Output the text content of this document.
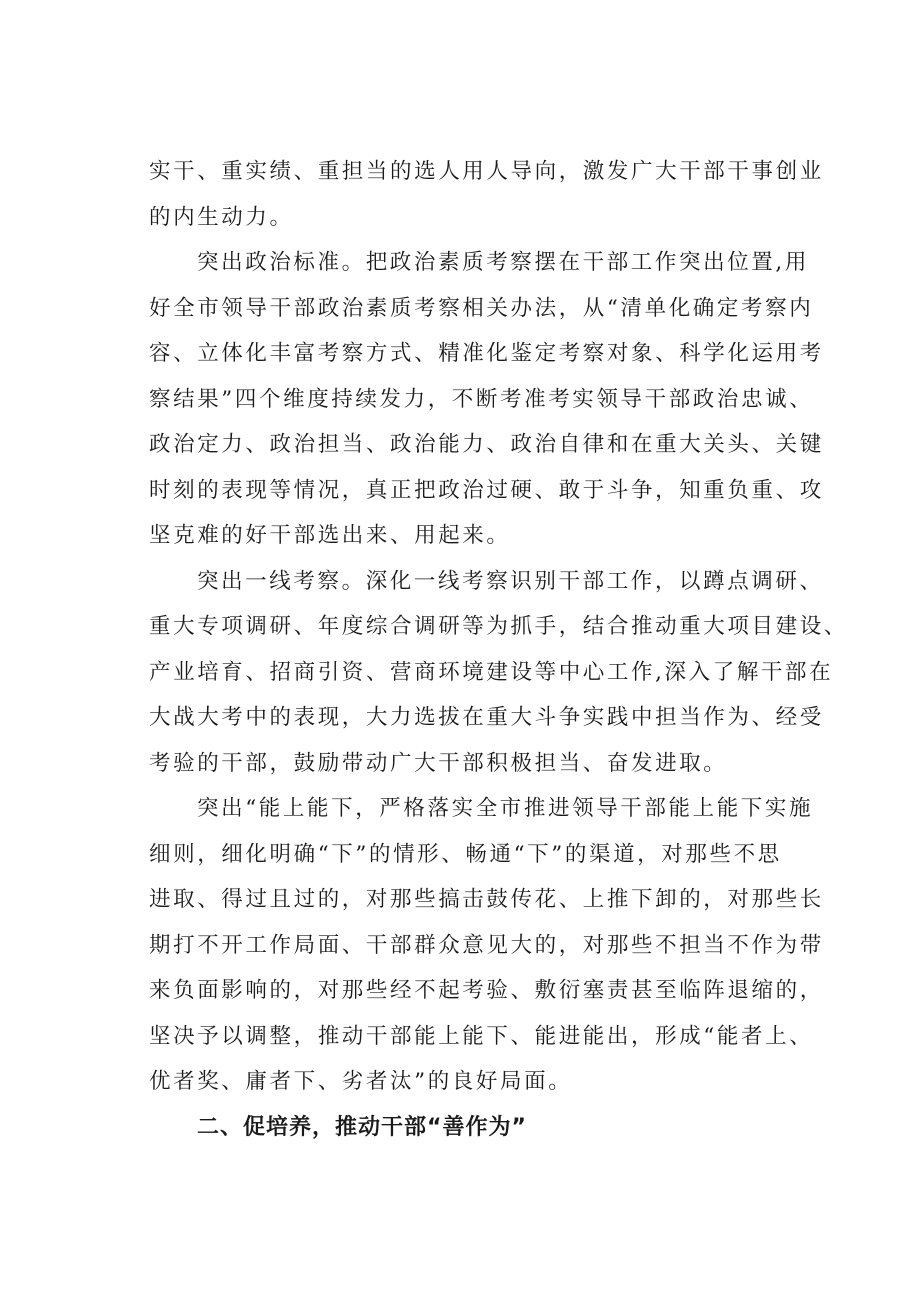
实干、重实绩、重担当的选人用人导向，激发广大干部干事创业

的内生动力。

突出政治标准。把政治素质考察摆在干部工作突出位置,用

好全市领导干部政治素质考察相关办法，从“清单化确定考察内

容、立体化丰富考察方式、精准化鉴定考察对象、科学化运用考

察结果”四个维度持续发力，不断考准考实领导干部政治忠诚、

政治定力、政治担当、政治能力、政治自律和在重大关头、关键

时刻的表现等情况，真正把政治过硬、敢于斗争，知重负重、攻

坚克难的好干部选出来、用起来。

突出一线考察。深化一线考察识别干部工作，以蹲点调研、

重大专项调研、年度综合调研等为抓手，结合推动重大项目建设、

产业培育、招商引资、营商环境建设等中心工作,深入了解干部在

大战大考中的表现，大力选拔在重大斗争实践中担当作为、经受

考验的干部，鼓励带动广大干部积极担当、奋发进取。

突出“能上能下，严格落实全市推进领导干部能上能下实施

细则，细化明确“下”的情形、畅通“下”的渠道，对那些不思

进取、得过且过的，对那些搞击鼓传花、上推下卸的，对那些长

期打不开工作局面、干部群众意见大的，对那些不担当不作为带

来负面影响的，对那些经不起考验、敷衍塞责甚至临阵退缩的，

坚决予以调整，推动干部能上能下、能进能出，形成“能者上、

优者奖、庸者下、劣者汰”的良好局面。

二、促培养，推动干部“善作为”
